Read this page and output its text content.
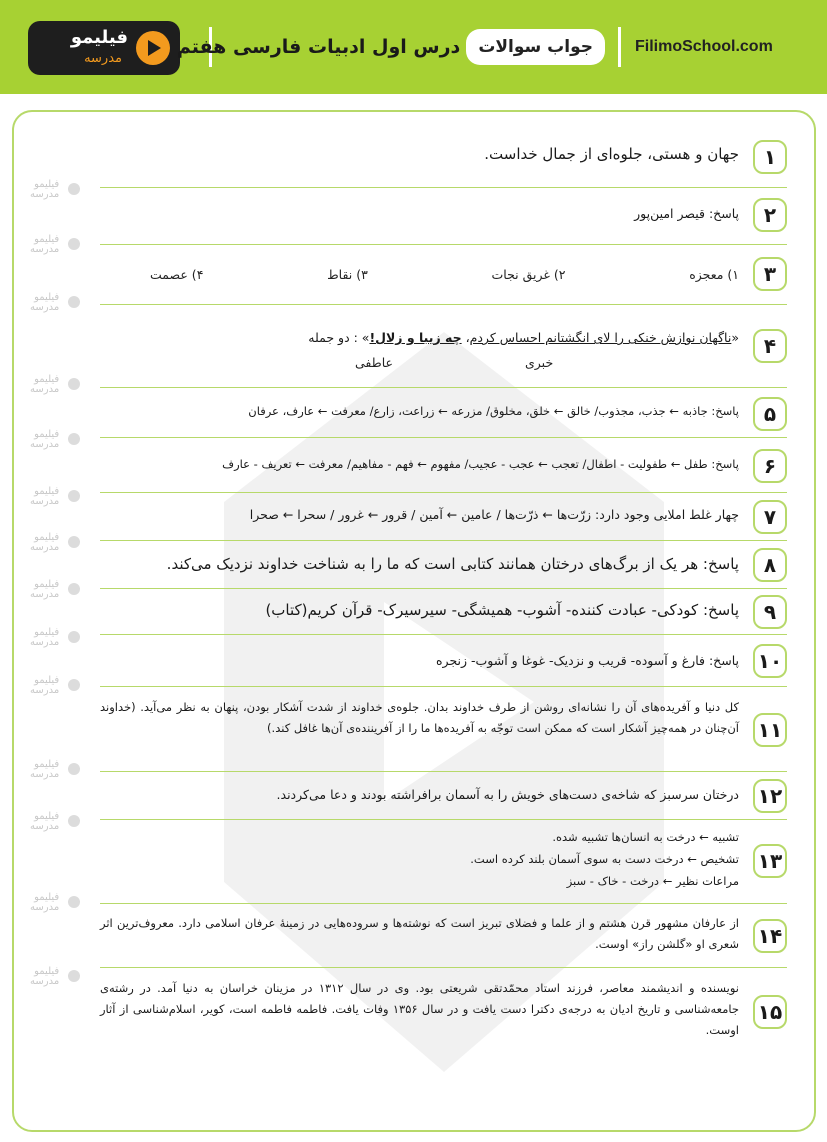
فیلیمو
مدرسه
جواب سوالات
درس اول ادبیات فارسی هفتم	FilimoSchool.com
فیلیمو
مدرسه
فیلیمو
مدرسه
فیلیمو
مدرسه
فیلیمو
مدرسه
فیلیمو
مدرسه
فیلیمو
مدرسه
فیلیمو
مدرسه
فیلیمو
مدرسه
فیلیمو
مدرسه
فیلیمو
مدرسه
فیلیمو
مدرسه
فیلیمو
مدرسه
فیلیمو
مدرسه
فیلیمو
مدرسه
۱
جهان و هستی، جلوه‌ای از جمال خداست.
۲
پاسخ: قیصر امین‌پور
۳
۱) معجزه
۲) غریق نجات
۳) نقاط
۴) عصمت
۴
«ناگهان نوازش خنکی را لای انگشتانم احساس کردم، چه زیبا و زلال!» : دو جمله
خبری
عاطفی
۵
پاسخ: جاذبه ← جذب، مجذوب/ خالق ← خلق، مخلوق/ مزرعه ← زراعت، زارع/ معرفت ← عارف، عرفان
۶
پاسخ: طفل ← طفولیت - اطفال/ تعجب ← عجب - عجیب/ مفهوم ← فهم - مفاهیم/ معرفت ← تعریف - عارف
۷
چهار غلط املایی وجود دارد: زرّت‌ها ← ذرّت‌ها / عامین ← آمین / قرور ← غرور / سحرا ← صحرا
۸
پاسخ: هر یک از برگ‌های درختان همانند کتابی است که ما را به شناخت خداوند نزدیک می‌کند.
۹
پاسخ: کودکی- عبادت کننده- آشوب- همیشگی- سیرسیرک- قرآن کریم(کتاب)
۱۰
پاسخ: فارغ و آسوده- قریب و نزدیک- غوغا و آشوب- زنجره
۱۱
کل دنیا و آفریده‌های آن را نشانه‌ای روشن از طرف خداوند بدان. جلوه‌ی خداوند از شدت آشکار بودن، پنهان به نظر می‌آید. (خداوند آن‌چنان در همه‌چیز آشکار است که ممکن است توجّه به آفریده‌ها ما را از آفریننده‌ی آن‌ها غافل کند.)
۱۲
درختان سرسبز که شاخه‌ی دست‌های خویش را به آسمان برافراشته بودند و دعا می‌کردند.
۱۳
تشبیه ← درخت به انسان‌ها تشبیه شده.
تشخیص ← درخت دست به سوی آسمان بلند کرده است.
مراعات نظیر ← درخت - خاک - سبز
۱۴
از عارفان مشهور قرن هشتم و از علما و فضلای تبریز است که نوشته‌ها و سروده‌هایی در زمینهٔ عرفان اسلامی دارد. معروف‌ترین اثر شعری او «گلشن راز» اوست.
۱۵
نویسنده و اندیشمند معاصر، فرزند استاد محمّدتقی شریعتی بود. وی در سال ۱۳۱۲ در مزینان خراسان به دنیا آمد. در رشته‌ی جامعه‌شناسی و تاریخ ادیان به درجه‌ی دکترا دست یافت و در سال ۱۳۵۶ وفات یافت. فاطمه فاطمه است، کویر، اسلام‌شناسی از آثار اوست.
